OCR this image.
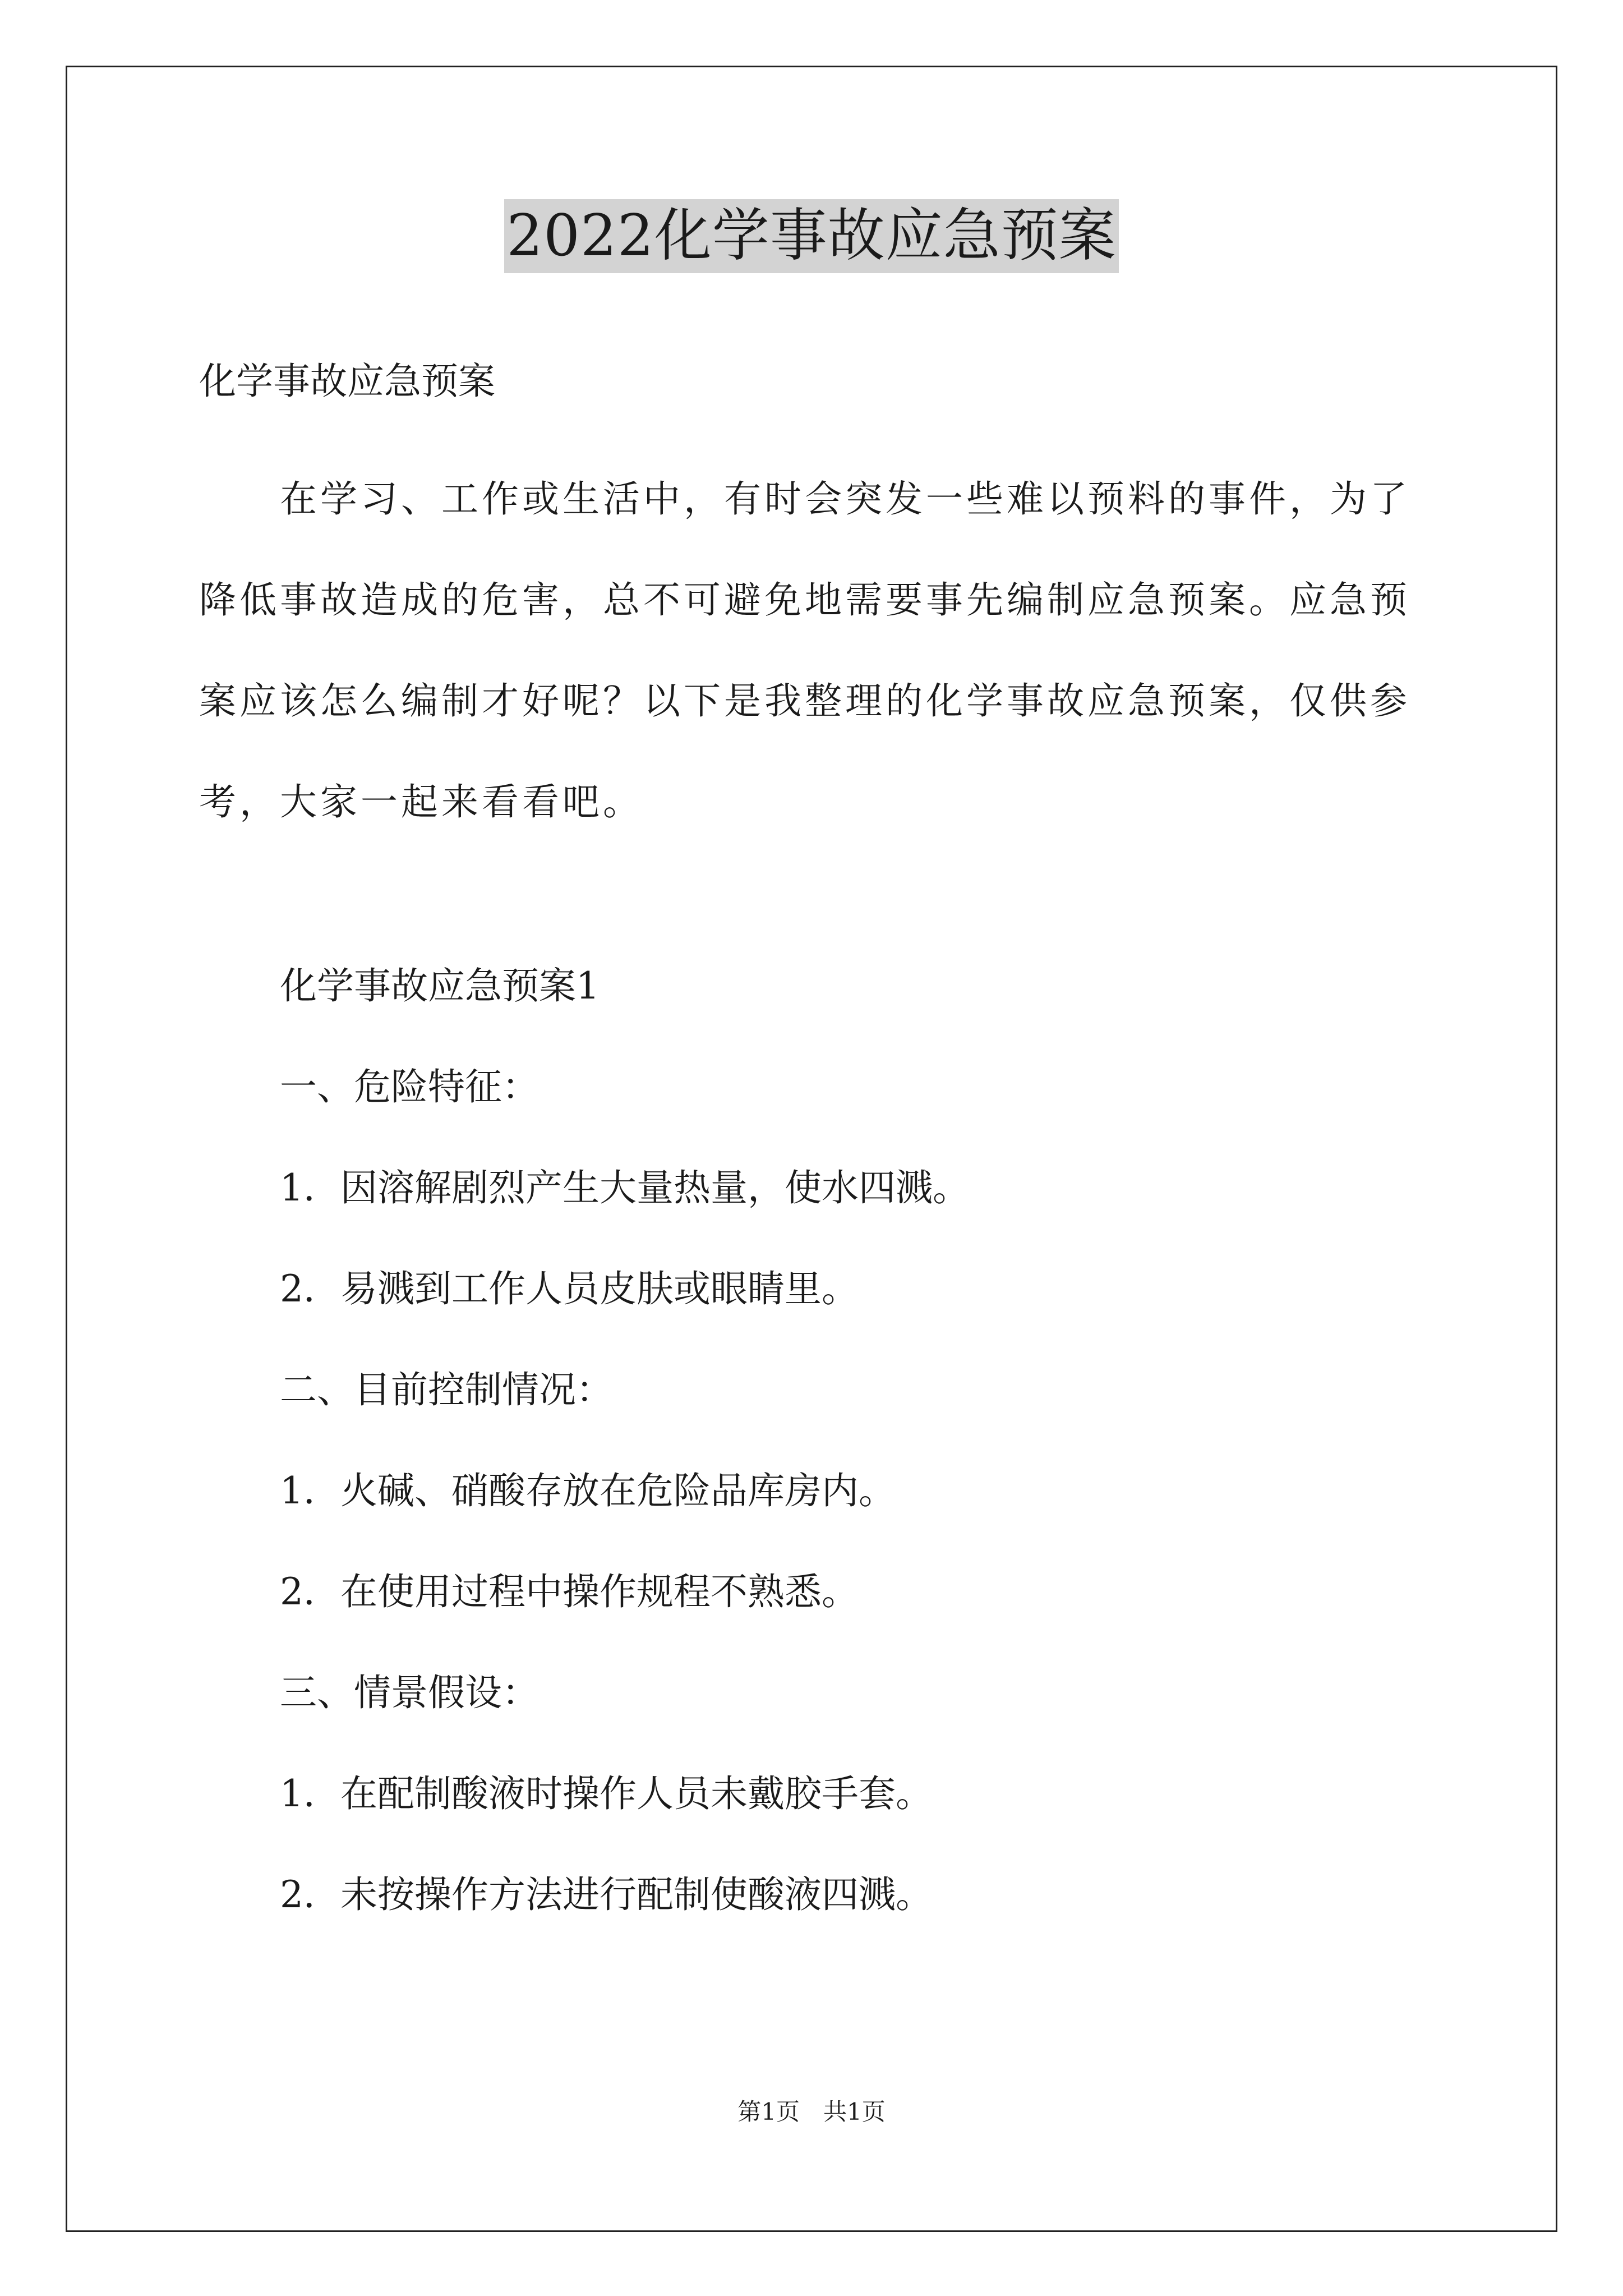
2022化学事故应急预案
化学事故应急预案
在学习、工作或生活中，有时会突发一些难以预料的事件，为了降低事故造成的危害，总不可避免地需要事先编制应急预案。应急预案应该怎么编制才好呢？以下是我整理的化学事故应急预案，仅供参考，大家一起来看看吧。
化学事故应急预案1
一、危险特征：
1．因溶解剧烈产生大量热量，使水四溅。
2．易溅到工作人员皮肤或眼睛里。
二、目前控制情况：
1．火碱、硝酸存放在危险品库房内。
2．在使用过程中操作规程不熟悉。
三、情景假设：
1．在配制酸液时操作人员未戴胶手套。
2．未按操作方法进行配制使酸液四溅。
第1页　共1页
